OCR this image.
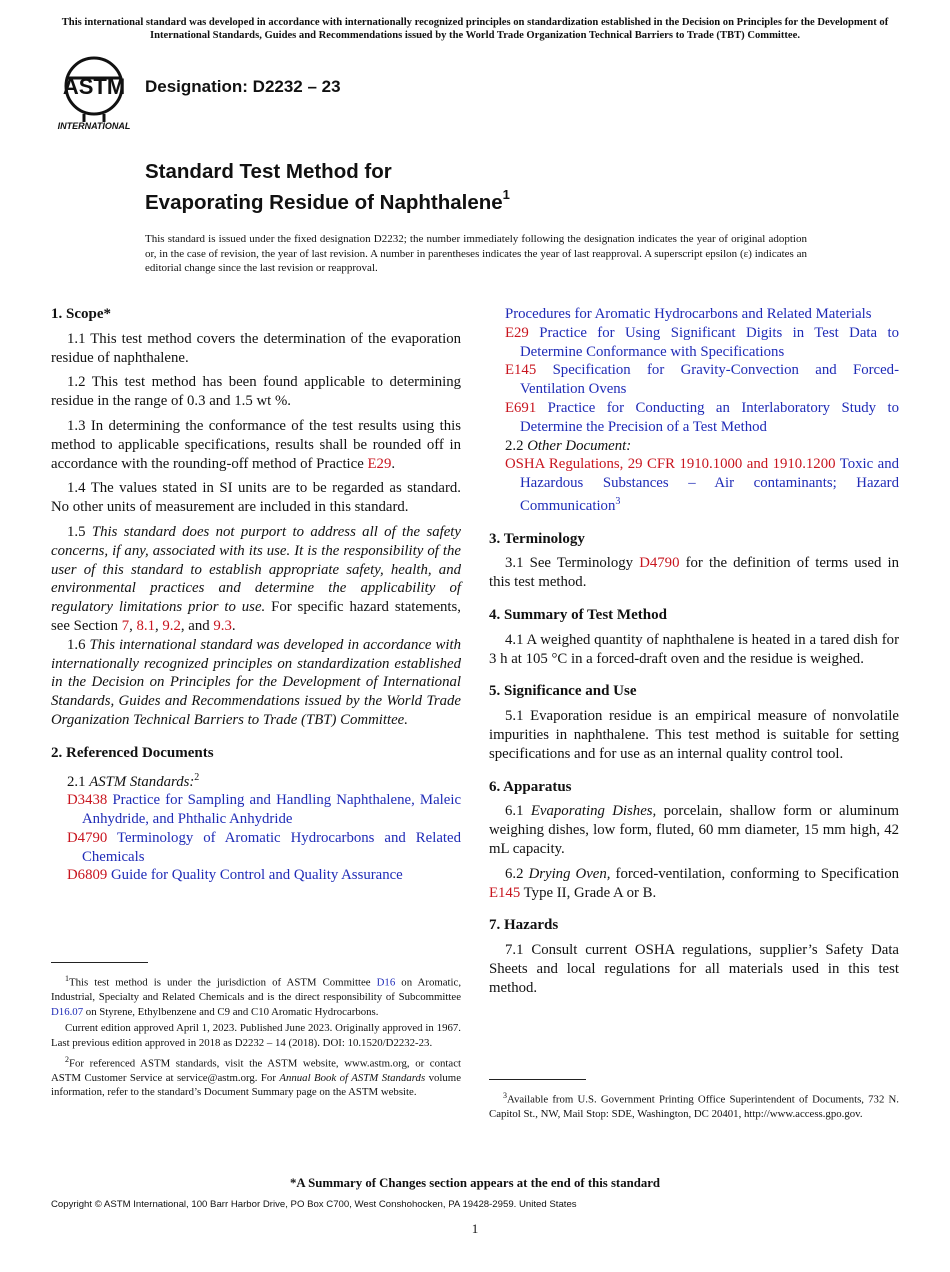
This international standard was developed in accordance with internationally recognized principles on standardization established in the Decision on Principles for the Development of International Standards, Guides and Recommendations issued by the World Trade Organization Technical Barriers to Trade (TBT) Committee.
ASTM
INTERNATIONAL
Designation: D2232 – 23
Standard Test Method for
Evaporating Residue of Naphthalene$^1$
This standard is issued under the fixed designation D2232; the number immediately following the designation indicates the year of original adoption or, in the case of revision, the year of last revision. A number in parentheses indicates the year of last reapproval. A superscript epsilon (ε) indicates an editorial change since the last revision or reapproval.
1. Scope*

1.1 This test method covers the determination of the evaporation residue of naphthalene.

1.2 This test method has been found applicable to determining residue in the range of 0.3 and 1.5 wt %.

1.3 In determining the conformance of the test results using this method to applicable specifications, results shall be rounded off in accordance with the rounding-off method of Practice E29.

1.4 The values stated in SI units are to be regarded as standard. No other units of measurement are included in this standard.

1.5 This standard does not purport to address all of the safety concerns, if any, associated with its use. It is the responsibility of the user of this standard to establish appropriate safety, health, and environmental practices and determine the applicability of regulatory limitations prior to use. For specific hazard statements, see Section 7, 8.1, 9.2, and 9.3.

1.6 This international standard was developed in accordance with internationally recognized principles on standardization established in the Decision on Principles for the Development of International Standards, Guides and Recommendations issued by the World Trade Organization Technical Barriers to Trade (TBT) Committee.

2. Referenced Documents

2.1 ASTM Standards:$^2$

D3438 Practice for Sampling and Handling Naphthalene, Maleic Anhydride, and Phthalic Anhydride

D4790 Terminology of Aromatic Hydrocarbons and Related Chemicals

D6809 Guide for Quality Control and Quality Assurance

$^1$This test method is under the jurisdiction of ASTM Committee D16 on Aromatic, Industrial, Specialty and Related Chemicals and is the direct responsibility of Subcommittee D16.07 on Styrene, Ethylbenzene and C9 and C10 Aromatic Hydrocarbons.

Current edition approved April 1, 2023. Published June 2023. Originally approved in 1967. Last previous edition approved in 2018 as D2232 – 14 (2018). DOI: 10.1520/D2232-23.

$^2$For referenced ASTM standards, visit the ASTM website, www.astm.org, or contact ASTM Customer Service at service@astm.org. For Annual Book of ASTM Standards volume information, refer to the standard’s Document Summary page on the ASTM website.

Procedures for Aromatic Hydrocarbons and Related Materials

E29 Practice for Using Significant Digits in Test Data to Determine Conformance with Specifications

E145 Specification for Gravity-Convection and Forced-Ventilation Ovens

E691 Practice for Conducting an Interlaboratory Study to Determine the Precision of a Test Method

2.2 Other Document:

OSHA Regulations, 29 CFR 1910.1000 and 1910.1200 Toxic and Hazardous Substances – Air contaminants; Hazard Communication$^3$

3. Terminology

3.1 See Terminology D4790 for the definition of terms used in this test method.

4. Summary of Test Method

4.1 A weighed quantity of naphthalene is heated in a tared dish for 3 h at 105 °C in a forced-draft oven and the residue is weighed.

5. Significance and Use

5.1 Evaporation residue is an empirical measure of nonvolatile impurities in naphthalene. This test method is suitable for setting specifications and for use as an internal quality control tool.

6. Apparatus

6.1 Evaporating Dishes, porcelain, shallow form or aluminum weighing dishes, low form, fluted, 60 mm diameter, 15 mm high, 42 mL capacity.

6.2 Drying Oven, forced-ventilation, conforming to Specification E145 Type II, Grade A or B.

7. Hazards

7.1 Consult current OSHA regulations, supplier’s Safety Data Sheets and local regulations for all materials used in this test method.

$^3$Available from U.S. Government Printing Office Superintendent of Documents, 732 N. Capitol St., NW, Mail Stop: SDE, Washington, DC 20401, http://www.access.gpo.gov.

*A Summary of Changes section appears at the end of this standard
Copyright © ASTM International, 100 Barr Harbor Drive, PO Box C700, West Conshohocken, PA 19428-2959. United States
1
